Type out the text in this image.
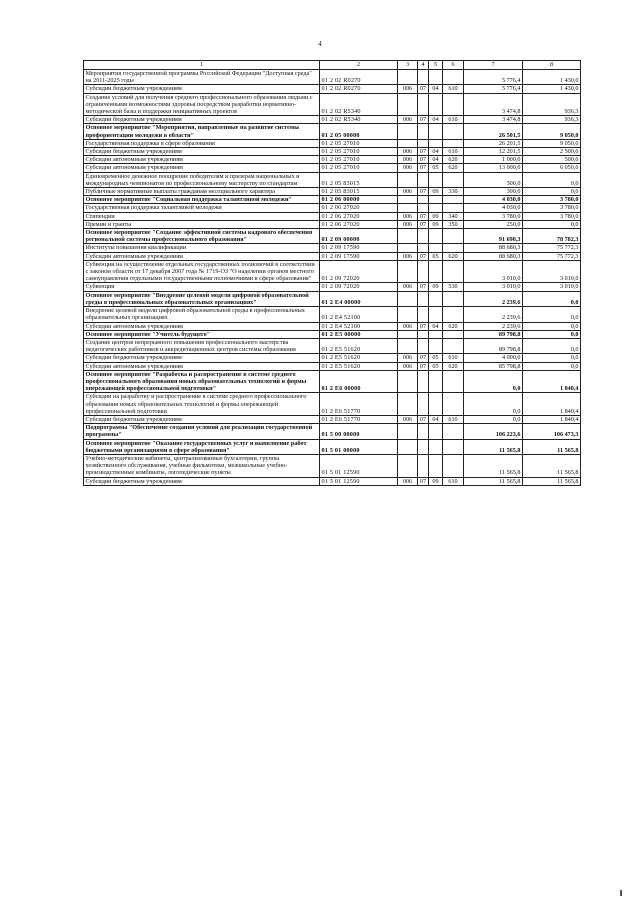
4
1	2	3	4	5	6	7	8
Мероприятия государственной программы Российской Федерации "Доступная среда" на 2011-2025 годы	01 2 02 R0270					5 776,4	1 430,0
Субсидии бюджетным учреждениям	01 2 02 R0270	006	07	04	610	5 776,4	1 430,0
Создание условий для получения среднего профессионального образования людьми с ограниченными возможностями здоровья посредством разработки нормативно-методической базы и поддержки инициативных проектов	01 2 02 R5340					3 474,8	936,3
Субсидии бюджетным учреждениям	01 2 02 R5340	006	07	04	610	3 474,8	936,3
Основное мероприятие "Мероприятия, направленные на развитие системы профориентации молодежи в области"	01 2 05 00000					26 501,5	9 050,0
Государственная поддержка в сфере образования	01 2 05 27010					26 201,5	9 050,0
Субсидии бюджетным учреждениям	01 2 05 27010	006	07	04	610	12 201,5	2 500,0
Субсидии автономным учреждениям	01 2 05 27010	006	07	04	620	1 000,0	500,0
Субсидии автономным учреждениям	01 2 05 27010	006	07	05	620	13 000,0	6 050,0
Единовременное денежное поощрение победителям и призерам национальных и международных чемпионатов по профессиональному мастерству по стандартам	01 2 05 83015					300,0	0,0
Публичные нормативные выплаты гражданам несоциального характера	01 2 05 83015	006	07	09	330	300,0	0,0
Основное мероприятие "Социальная поддержка талантливой молодежи"	01 2 06 00000					4 030,0	3 780,0
Государственная поддержка талантливой молодежи	01 2 06 27020					4 030,0	3 780,0
Стипендии	01 2 06 27020	006	07	09	340	3 780,0	3 780,0
Премии и гранты	01 2 06 27020	006	07	09	350	250,0	0,0
Основное мероприятие "Создание эффективной системы кадрового обеспечения региональной системы профессионального образования"	01 2 09 00000					91 690,3	78 782,3
Институты повышения квалификации	01 2 09 17590					88 680,3	75 772,3
Субсидии автономным учреждениям	01 2 09 17590	006	07	05	620	88 680,3	75 772,3
Субвенции на осуществление отдельных государственных полномочий в соответствии с законом области от 17 декабря 2007 года № 1719-ОЗ "О наделении органов местного самоуправления отдельными государственными полномочиями в сфере образования"	01 2 09 72020					3 010,0	3 010,0
Субвенции	01 2 09 72020	006	07	09	530	3 010,0	3 010,0
Основное мероприятие "Внедрение целевой модели цифровой образовательной среды в профессиональных образовательных организациях"	01 2 E4 00000					2 239,6	0,0
Внедрение целевой модели цифровой образовательной среды в профессиональных образовательных организациях	01 2 E4 52100					2 239,6	0,0
Субсидии автономным учреждениям	01 2 E4 52100	006	07	04	620	2 239,6	0,0
Основное мероприятие "Учитель будущего"	01 2 E5 00000					89 798,8	0,0
Создание центров непрерывного повышения профессионального мастерства педагогических работников и аккредитационных центров системы образования	01 2 E5 51620					89 798,8	0,0
Субсидии бюджетным учреждениям	01 2 E5 51620	006	07	05	610	4 000,0	0,0
Субсидии автономным учреждениям	01 2 E5 51620	006	07	05	620	85 798,8	0,0
Основное мероприятие "Разработка и распространение в системе среднего профессионального образования новых образовательных технологий и формы опережающей профессиональной подготовки"	01 2 E6 00000					0,0	1 840,4
Субсидии на разработку и распространение в системе среднего профессионального образования новых образовательных технологий и формы опережающей профессиональной подготовки	01 2 E6 51770					0,0	1 840,4
Субсидии бюджетным учреждениям	01 2 E6 51770	006	07	04	610	0,0	1 840,4
Подпрограмма "Обеспечение создания условий для реализации государственной программы"	01 5 00 00000					106 223,6	106 473,3
Основное мероприятие "Оказание государственных услуг и выполнение работ бюджетными организациями в сфере образования"	01 5 01 00000					11 565,8	11 565,8
Учебно-методические кабинеты, централизованные бухгалтерии, группы хозяйственного обслуживания, учебные фильмотеки, межшкольные учебно-производственные комбинаты, логопедические пункты	01 5 01 12590					11 565,8	11 565,8
Субсидии бюджетным учреждениям	01 5 01 12590	006	07	09	610	11 565,8	11 565,8
